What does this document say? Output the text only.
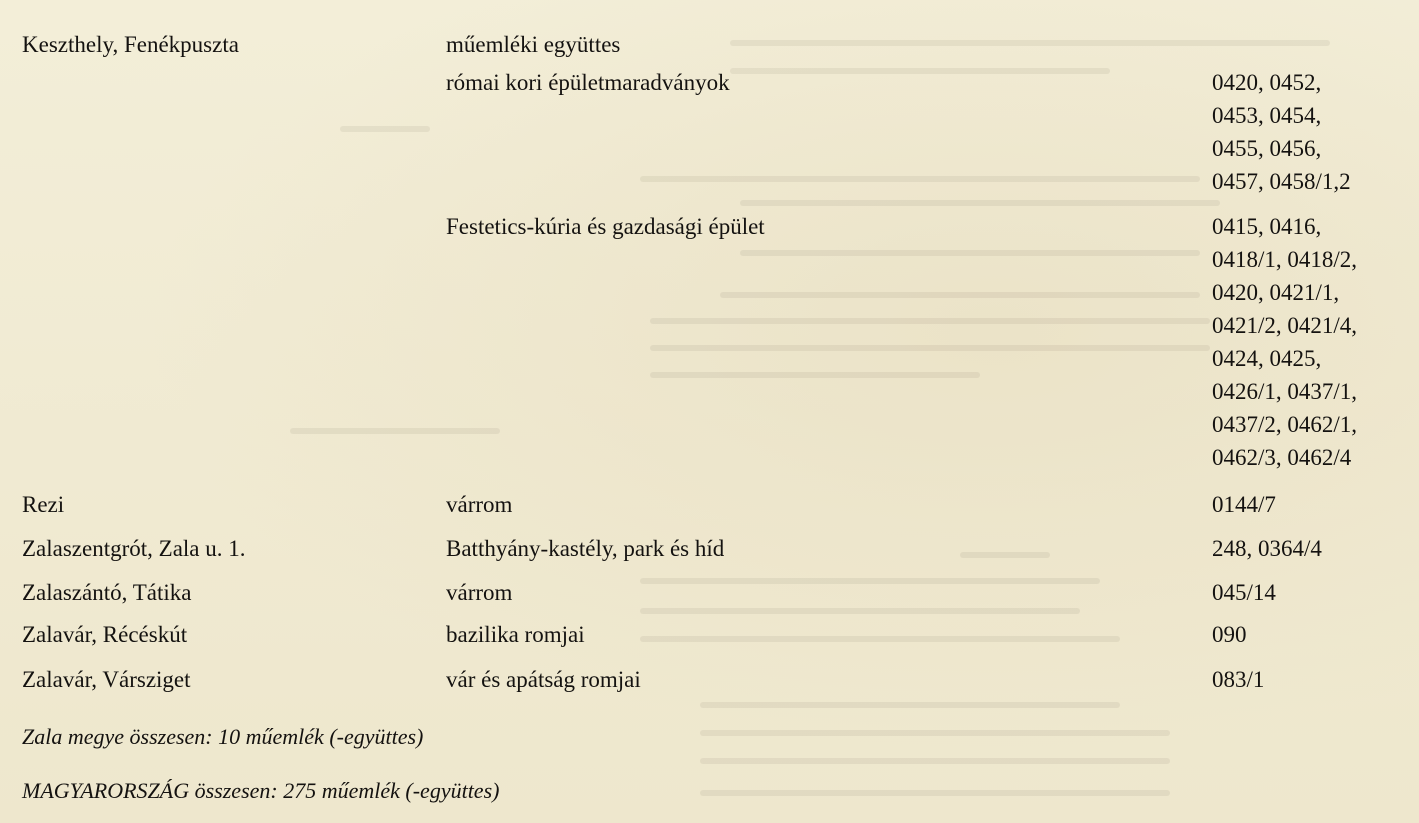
Keszthely, Fenékpuszta	műemléki együttes
római kori épületmaradványok	0420, 0452,
0453, 0454,
0455, 0456,
0457, 0458/1,2
Festetics-kúria és gazdasági épület	0415, 0416,
0418/1, 0418/2,
0420, 0421/1,
0421/2, 0421/4,
0424, 0425,
0426/1, 0437/1,
0437/2, 0462/1,
0462/3, 0462/4
Rezi	várrom	0144/7
Zalaszentgrót, Zala u. 1.	Batthyány-kastély, park és híd	248, 0364/4
Zalaszántó, Tátika	várrom	045/14
Zalavár, Récéskút	bazilika romjai	090
Zalavár, Vársziget	vár és apátság romjai	083/1
Zala megye összesen: 10 műemlék (-együttes)
MAGYARORSZÁG összesen: 275 műemlék (-együttes)
